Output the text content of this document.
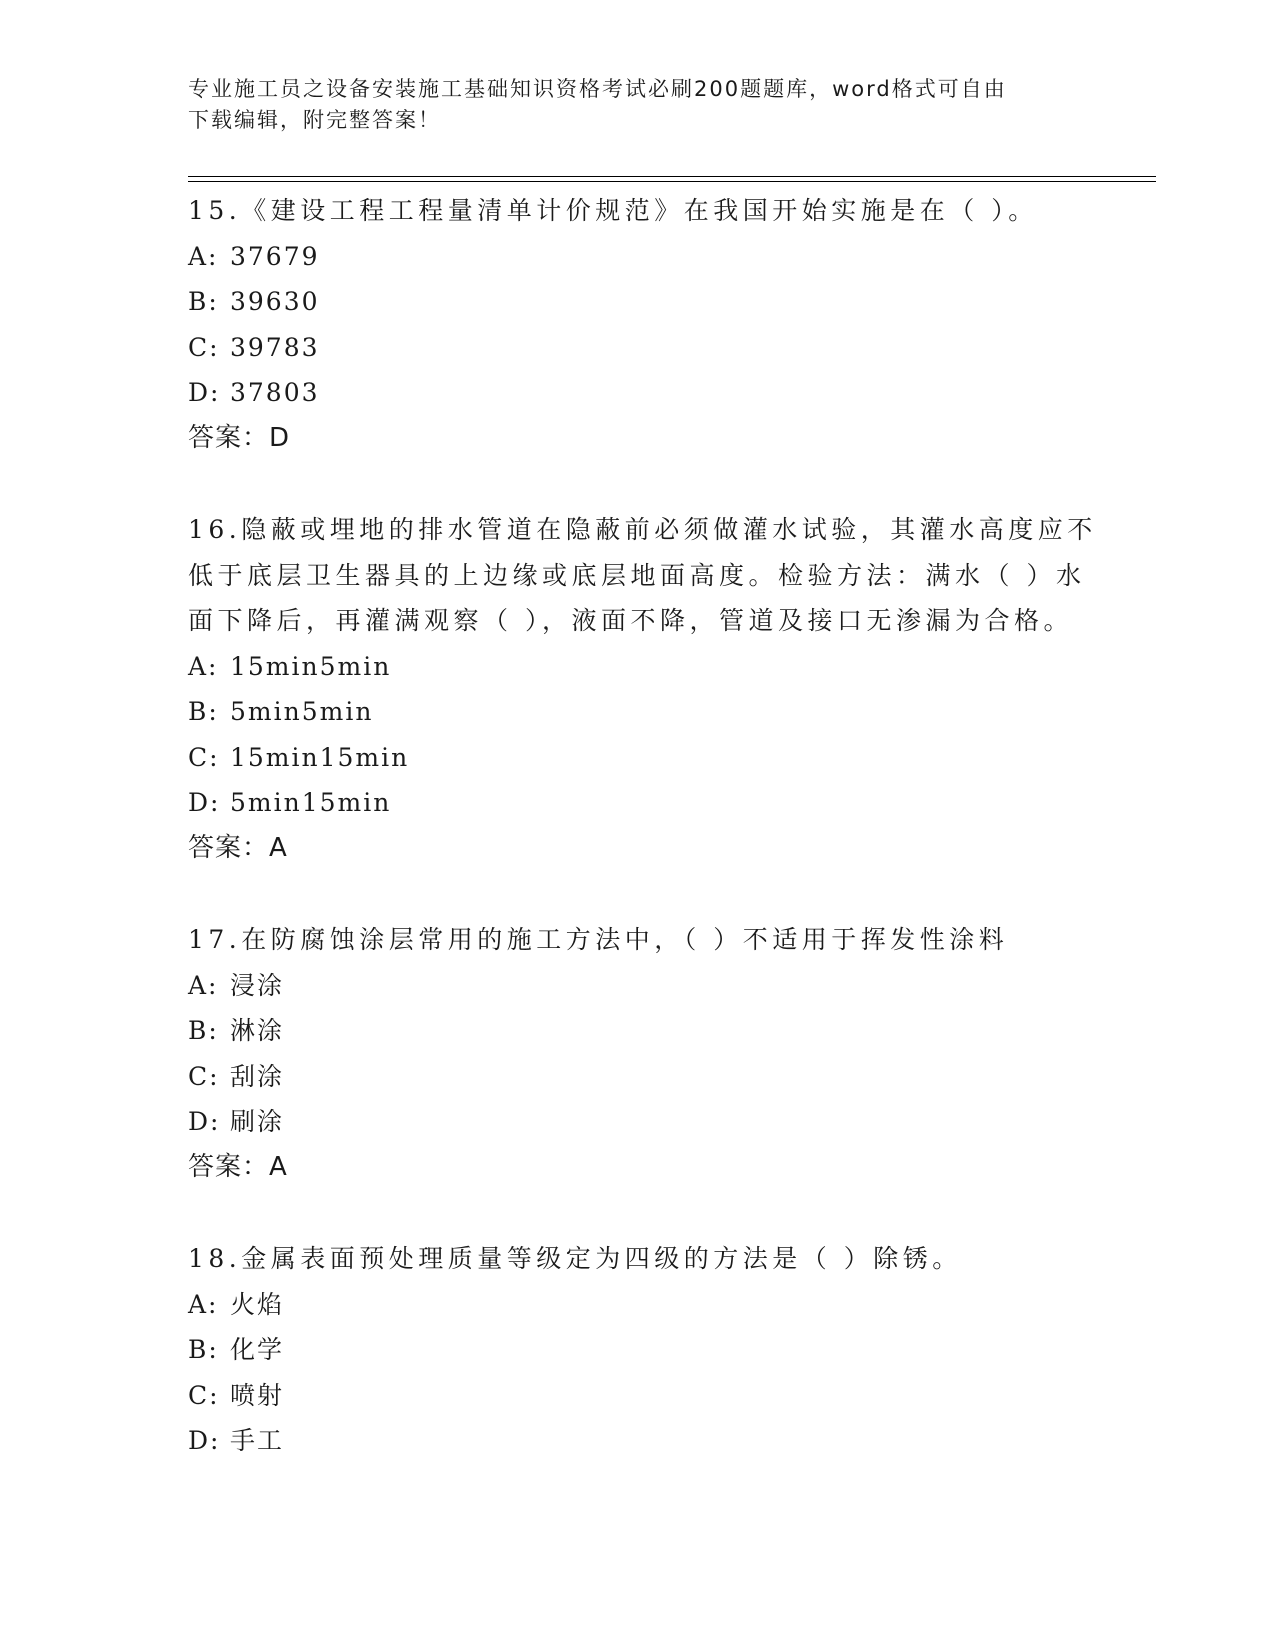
专业施工员之设备安装施工基础知识资格考试必刷200题题库，word格式可自由
下载编辑，附完整答案！
15.《建设工程工程量清单计价规范》在我国开始实施是在（ ）。
A: 37679
B: 39630
C: 39783
D: 37803
答案：D
16.隐蔽或埋地的排水管道在隐蔽前必须做灌水试验，其灌水高度应不
低于底层卫生器具的上边缘或底层地面高度。检验方法：满水（ ）水
面下降后，再灌满观察（ ），液面不降，管道及接口无渗漏为合格。
A: 15min5min
B: 5min5min
C: 15min15min
D: 5min15min
答案：A
17.在防腐蚀涂层常用的施工方法中，（ ）不适用于挥发性涂料
A: 浸涂
B: 淋涂
C: 刮涂
D: 刷涂
答案：A
18.金属表面预处理质量等级定为四级的方法是（ ）除锈。
A: 火焰
B: 化学
C: 喷射
D: 手工
